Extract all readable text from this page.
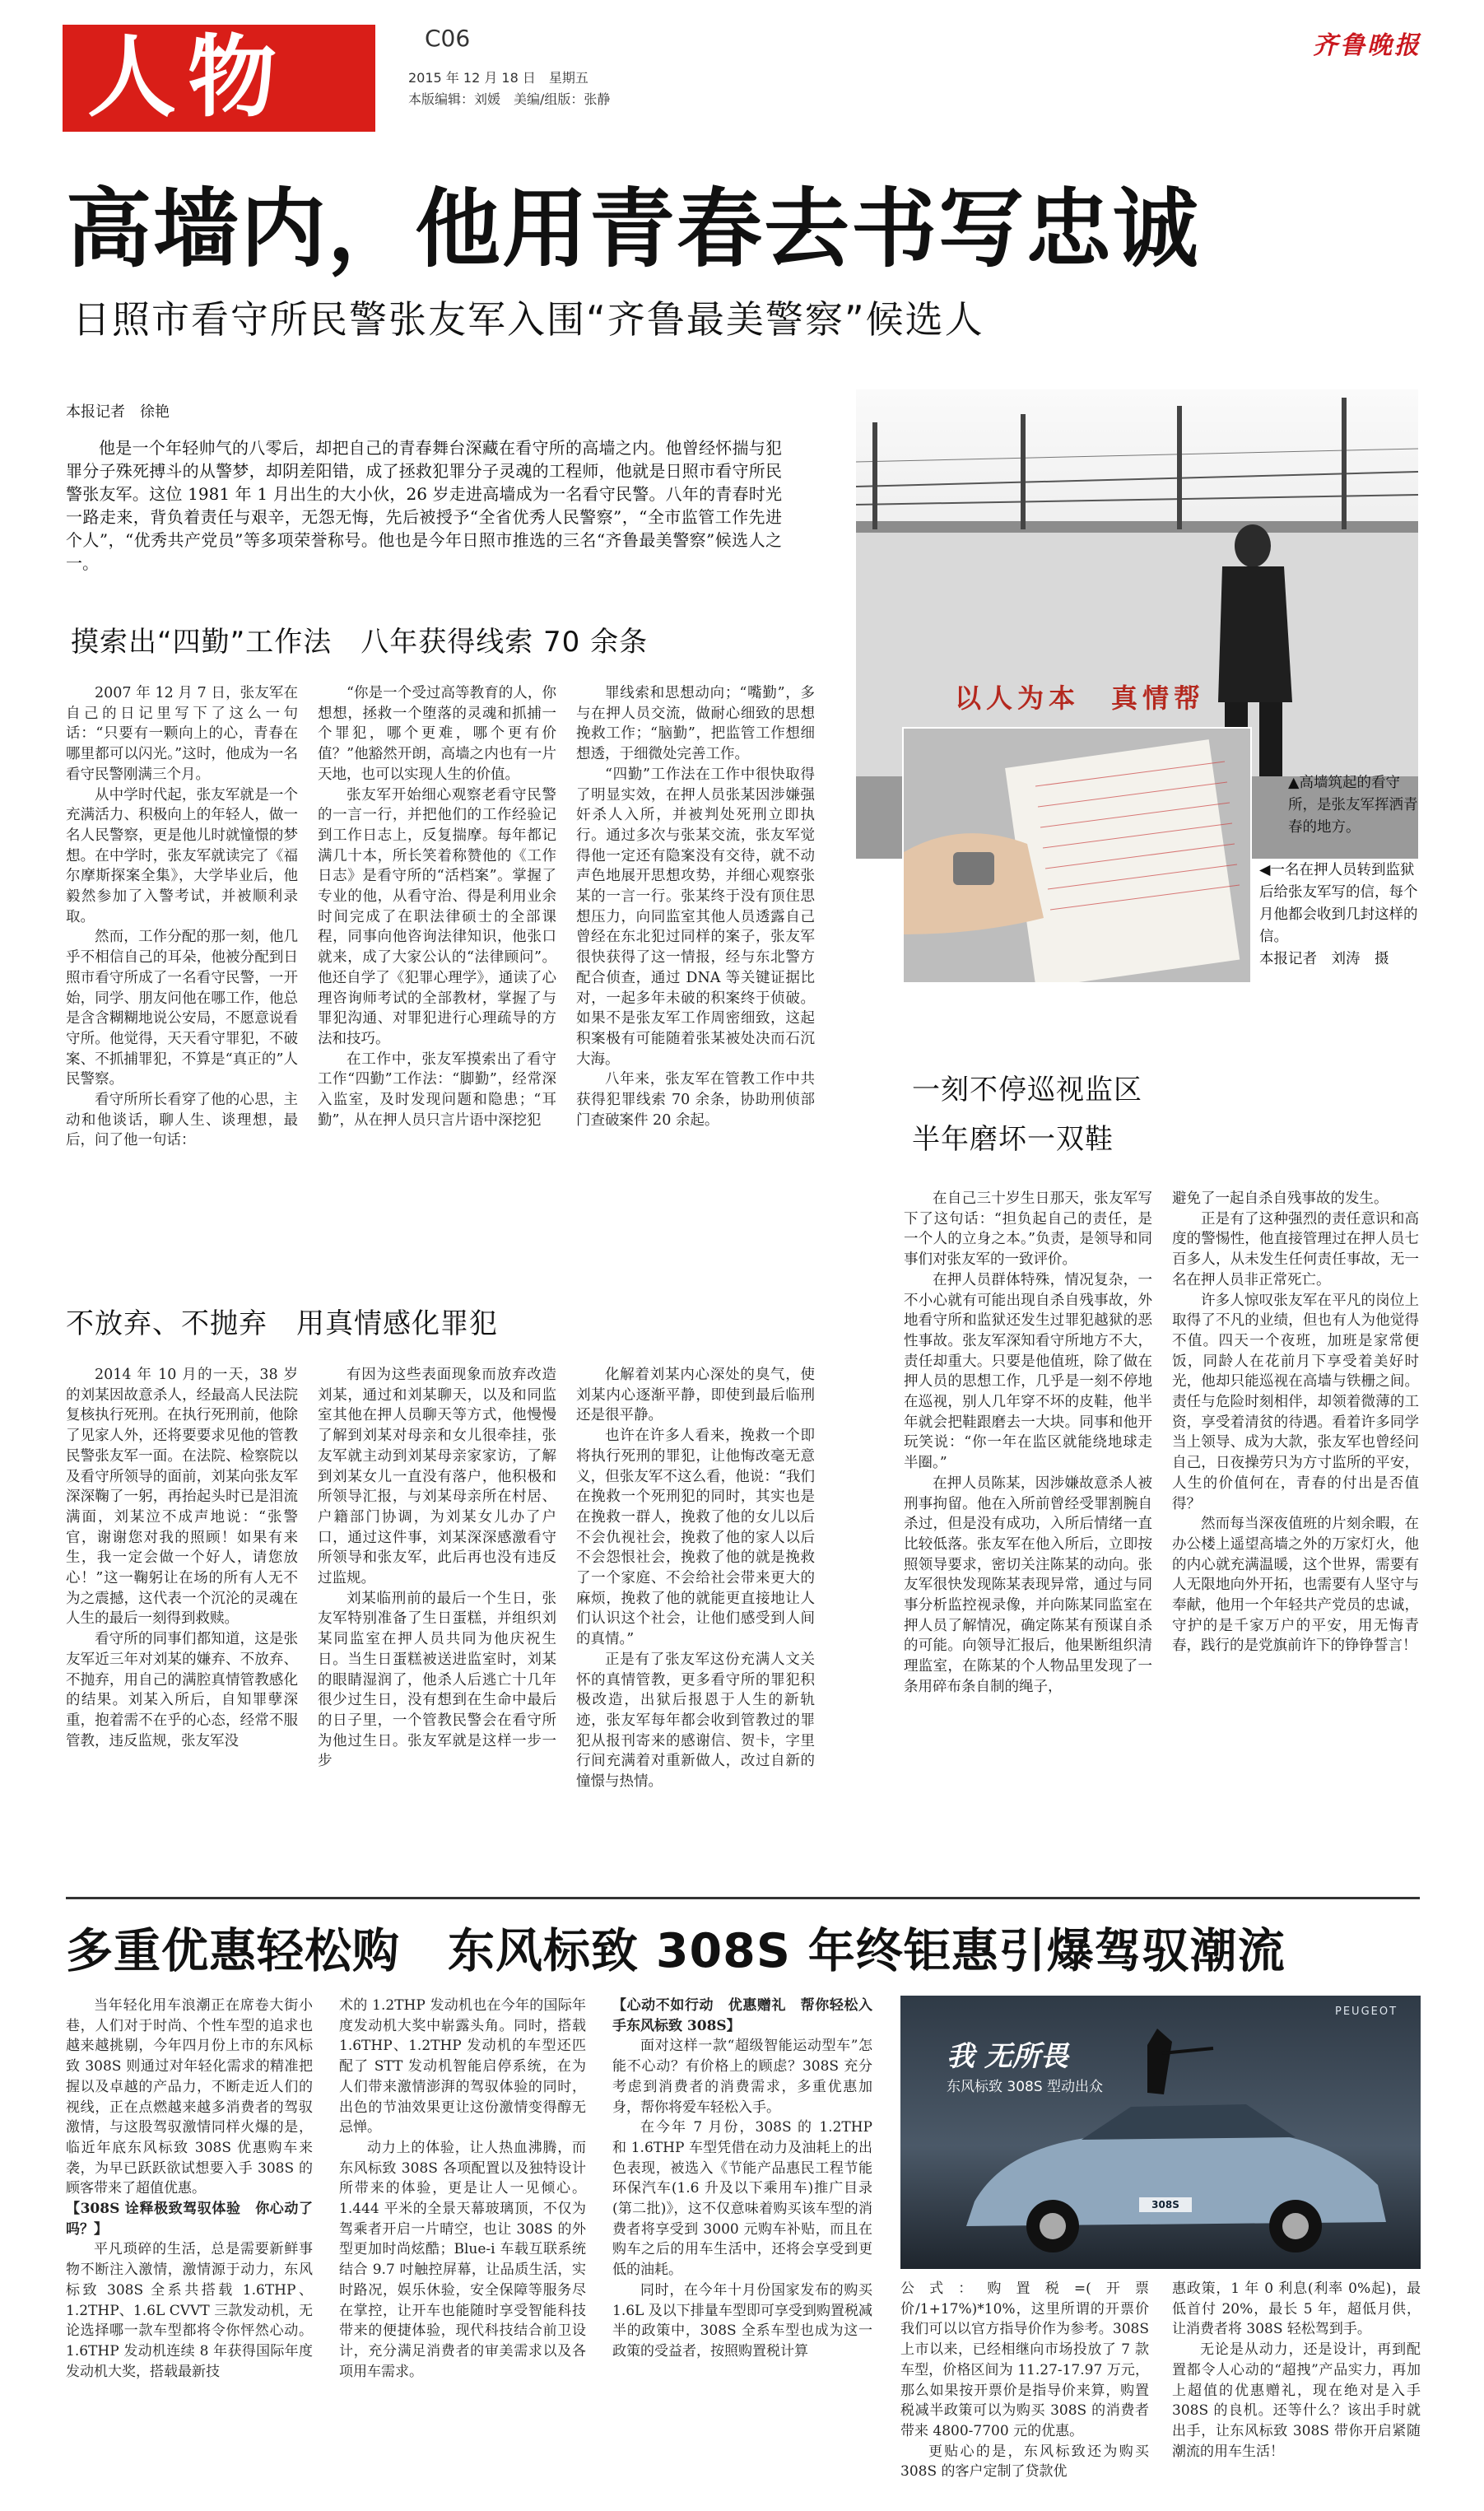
人物	C06
2015 年 12 月 18 日　星期五
本版编辑：刘媛　美编/组版：张静
齐鲁晚报
高墙内，他用青春去书写忠诚
日照市看守所民警张友军入围“齐鲁最美警察”候选人
本报记者　徐艳

他是一个年轻帅气的八零后，却把自己的青春舞台深藏在看守所的高墙之内。他曾经怀揣与犯罪分子殊死搏斗的从警梦，却阴差阳错，成了拯救犯罪分子灵魂的工程师，他就是日照市看守所民警张友军。这位 1981 年 1 月出生的大小伙，26 岁走进高墙成为一名看守民警。八年的青春时光一路走来，背负着责任与艰辛，无怨无悔，先后被授予“全省优秀人民警察”，“全市监管工作先进个人”，“优秀共产党员”等多项荣誉称号。他也是今年日照市推选的三名“齐鲁最美警察”候选人之一。

以人为本　真情帮
▲高墙筑起的看守所，是张友军挥洒青春的地方。
◀一名在押人员转到监狱后给张友军写的信，每个月他都会收到几封这样的信。
本报记者　刘涛　摄
摸索出“四勤”工作法　八年获得线索 70 余条

2007 年 12 月 7 日，张友军在自己的日记里写下了这么一句话：“只要有一颗向上的心，青春在哪里都可以闪光。”这时，他成为一名看守民警刚满三个月。

从中学时代起，张友军就是一个充满活力、积极向上的年轻人，做一名人民警察，更是他儿时就憧憬的梦想。在中学时，张友军就读完了《福尔摩斯探案全集》，大学毕业后，他毅然参加了入警考试，并被顺利录取。

然而，工作分配的那一刻，他几乎不相信自己的耳朵，他被分配到日照市看守所成了一名看守民警，一开始，同学、朋友问他在哪工作，他总是含含糊糊地说公安局，不愿意说看守所。他觉得，天天看守罪犯，不破案、不抓捕罪犯，不算是“真正的”人民警察。

看守所所长看穿了他的心思，主动和他谈话，聊人生、谈理想，最后，问了他一句话：

“你是一个受过高等教育的人，你想想，拯救一个堕落的灵魂和抓捕一个罪犯，哪个更难，哪个更有价值？”他豁然开朗，高墙之内也有一片天地，也可以实现人生的价值。

张友军开始细心观察老看守民警的一言一行，并把他们的工作经验记到工作日志上，反复揣摩。每年都记满几十本，所长笑着称赞他的《工作日志》是看守所的“活档案”。掌握了专业的他，从看守治、得是利用业余时间完成了在职法律硕士的全部课程，同事向他咨询法律知识，他张口就来，成了大家公认的“法律顾问”。他还自学了《犯罪心理学》，通读了心理咨询师考试的全部教材，掌握了与罪犯沟通、对罪犯进行心理疏导的方法和技巧。

在工作中，张友军摸索出了看守工作“四勤”工作法：“脚勤”，经常深入监室，及时发现问题和隐患；“耳勤”，从在押人员只言片语中深挖犯

罪线索和思想动向；“嘴勤”，多与在押人员交流，做耐心细致的思想挽救工作；“脑勤”，把监管工作想细想透，于细微处完善工作。

“四勤”工作法在工作中很快取得了明显实效，在押人员张某因涉嫌强奸杀人入所，并被判处死刑立即执行。通过多次与张某交流，张友军觉得他一定还有隐案没有交待，就不动声色地展开思想攻势，并细心观察张某的一言一行。张某终于没有顶住思想压力，向同监室其他人员透露自己曾经在东北犯过同样的案子，张友军很快获得了这一情报，经与东北警方配合侦查，通过 DNA 等关键证据比对，一起多年未破的积案终于侦破。如果不是张友军工作周密细致，这起积案极有可能随着张某被处决而石沉大海。

八年来，张友军在管教工作中共获得犯罪线索 70 余条，协助刑侦部门查破案件 20 余起。

不放弃、不抛弃　用真情感化罪犯

2014 年 10 月的一天，38 岁的刘某因故意杀人，经最高人民法院复核执行死刑。在执行死刑前，他除了见家人外，还将要要求见他的管教民警张友军一面。在法院、检察院以及看守所领导的面前，刘某向张友军深深鞠了一躬，再抬起头时已是泪流满面，刘某泣不成声地说：“张警官，谢谢您对我的照顾！如果有来生，我一定会做一个好人，请您放心！”这一鞠躬让在场的所有人无不为之震撼，这代表一个沉沦的灵魂在人生的最后一刻得到救赎。

看守所的同事们都知道，这是张友军近三年对刘某的嫌弃、不放弃、不抛弃，用自己的满腔真情管教感化的结果。刘某入所后，自知罪孽深重，抱着需不在乎的心态，经常不服管教，违反监规，张友军没

有因为这些表面现象而放弃改造刘某，通过和刘某聊天，以及和同监室其他在押人员聊天等方式，他慢慢了解到刘某对母亲和女儿很牵挂，张友军就主动到刘某母亲家家访，了解到刘某女儿一直没有落户，他积极和所领导汇报，与刘某母亲所在村居、户籍部门协调，为刘某女儿办了户口，通过这件事，刘某深深感激看守所领导和张友军，此后再也没有违反过监规。

刘某临刑前的最后一个生日，张友军特别准备了生日蛋糕，并组织刘某同监室在押人员共同为他庆祝生日。当生日蛋糕被送进监室时，刘某的眼睛湿润了，他杀人后逃亡十几年很少过生日，没有想到在生命中最后的日子里，一个管教民警会在看守所为他过生日。张友军就是这样一步一步

化解着刘某内心深处的臭气，使刘某内心逐渐平静，即使到最后临刑还是很平静。

也许在许多人看来，挽救一个即将执行死刑的罪犯，让他悔改毫无意义，但张友军不这么看，他说：“我们在挽救一个死刑犯的同时，其实也是在挽救一群人，挽救了他的女儿以后不会仇视社会，挽救了他的家人以后不会怨恨社会，挽救了他的就是挽救了一个家庭、不会给社会带来更大的麻烦，挽救了他的就能更直接地让人们认识这个社会，让他们感受到人间的真情。”

正是有了张友军这份充满人文关怀的真情管教，更多看守所的罪犯积极改造，出狱后报恩于人生的新轨迹，张友军每年都会收到管教过的罪犯从报刊寄来的感谢信、贺卡，字里行间充满着对重新做人，改过自新的憧憬与热情。

一刻不停巡视监区
半年磨坏一双鞋

在自己三十岁生日那天，张友军写下了这句话：“担负起自己的责任，是一个人的立身之本。”负责，是领导和同事们对张友军的一致评价。

在押人员群体特殊，情况复杂，一不小心就有可能出现自杀自残事故，外地看守所和监狱还发生过罪犯越狱的恶性事故。张友军深知看守所地方不大，责任却重大。只要是他值班，除了做在押人员的思想工作，几乎是一刻不停地在巡视，别人几年穿不坏的皮鞋，他半年就会把鞋跟磨去一大块。同事和他开玩笑说：“你一年在监区就能绕地球走半圈。”

在押人员陈某，因涉嫌故意杀人被刑事拘留。他在入所前曾经受罪割腕自杀过，但是没有成功，入所后情绪一直比较低落。张友军在他入所后，立即按照领导要求，密切关注陈某的动向。张友军很快发现陈某表现异常，通过与同事分析监控视录像，并向陈某同监室在押人员了解情况，确定陈某有预谋自杀的可能。向领导汇报后，他果断组织清理监室，在陈某的个人物品里发现了一条用碎布条自制的绳子，

避免了一起自杀自残事故的发生。

正是有了这种强烈的责任意识和高度的警惕性，他直接管理过在押人员七百多人，从未发生任何责任事故，无一名在押人员非正常死亡。

许多人惊叹张友军在平凡的岗位上取得了不凡的业绩，但也有人为他觉得不值。四天一个夜班，加班是家常便饭，同龄人在花前月下享受着美好时光，他却只能巡视在高墙与铁栅之间。责任与危险时刻相伴，却领着微薄的工资，享受着清贫的待遇。看着许多同学当上领导、成为大款，张友军也曾经问自己，日夜操劳只为方寸监所的平安，人生的价值何在，青春的付出是否值得？

然而每当深夜值班的片刻余暇，在办公楼上遥望高墙之外的万家灯火，他的内心就充满温暖，这个世界，需要有人无限地向外开拓，也需要有人坚守与奉献，他用一个年轻共产党员的忠诚，守护的是千家万户的平安，用无悔青春，践行的是党旗前许下的铮铮誓言！

多重优惠轻松购　东风标致 308S 年终钜惠引爆驾驭潮流

当年轻化用车浪潮正在席卷大街小巷，人们对于时尚、个性车型的追求也越来越挑剔，今年四月份上市的东风标致 308S 则通过对年轻化需求的精准把握以及卓越的产品力，不断走近人们的视线，正在点燃越来越多消费者的驾驭激情，与这股驾驭激情同样火爆的是，临近年底东风标致 308S 优惠购车来袭，为早已跃跃欲试想要入手 308S 的顾客带来了超值优惠。

【308S 诠释极致驾驭体验　你心动了吗？】

平凡琐碎的生活，总是需要新鲜事物不断注入激情，激情源于动力，东风标致 308S 全系共搭载 1.6THP、1.2THP、1.6L CVVT 三款发动机，无论选择哪一款车型都将令你怦然心动。1.6THP 发动机连续 8 年获得国际年度发动机大奖，搭载最新技

术的 1.2THP 发动机也在今年的国际年度发动机大奖中崭露头角。同时，搭载 1.6THP、1.2THP 发动机的车型还匹配了 STT 发动机智能启停系统，在为人们带来激情澎湃的驾驭体验的同时，出色的节油效果更让这份激情变得醇无忌惮。

动力上的体验，让人热血沸腾，而东风标致 308S 各项配置以及独特设计所带来的体验，更是让人一见倾心。1.444 平米的全景天幕玻璃顶，不仅为驾乘者开启一片晴空，也让 308S 的外型更加时尚炫酷；Blue-i 车载互联系统结合 9.7 吋触控屏幕，让品质生活，实时路况，娱乐休验，安全保障等服务尽在掌控，让开车也能随时享受智能科技带来的便捷体验，现代科技结合前卫设计，充分满足消费者的审美需求以及各项用车需求。

【心动不如行动　优惠赠礼　帮你轻松入手东风标致 308S】

面对这样一款“超级智能运动型车”怎能不心动？有价格上的顾虑？308S 充分考虑到消费者的消费需求，多重优惠加身，帮你将爱车轻松入手。

在今年 7 月份，308S 的 1.2THP 和 1.6THP 车型凭借在动力及油耗上的出色表现，被选入《节能产品惠民工程节能环保汽车(1.6 升及以下乘用车)推广目录(第二批)》，这不仅意味着购买该车型的消费者将享受到 3000 元购车补贴，而且在购车之后的用车生活中，还将会享受到更低的油耗。

同时，在今年十月份国家发布的购买 1.6L 及以下排量车型即可享受到购置税减半的政策中，308S 全系车型也成为这一政策的受益者，按照购置税计算

我 无所畏
东风标致 308S 型动出众
PEUGEOT
308S

公式：购置税=(开票价/1+17%)*10%，这里所谓的开票价我们可以以官方指导价作为参考。308S 上市以来，已经相继向市场投放了 7 款车型，价格区间为 11.27-17.97 万元，那么如果按开票价是指导价来算，购置税减半政策可以为购买 308S 的消费者带来 4800-7700 元的优惠。

更贴心的是，东风标致还为购买 308S 的客户定制了贷款优

惠政策，1 年 0 利息(利率 0%起)，最低首付 20%，最长 5 年，超低月供，让消费者将 308S 轻松驾到手。

无论是从动力，还是设计，再到配置都令人心动的“超拽”产品实力，再加上超值的优惠赠礼，现在绝对是入手 308S 的良机。还等什么？该出手时就出手，让东风标致 308S 带你开启紧随潮流的用车生活！
